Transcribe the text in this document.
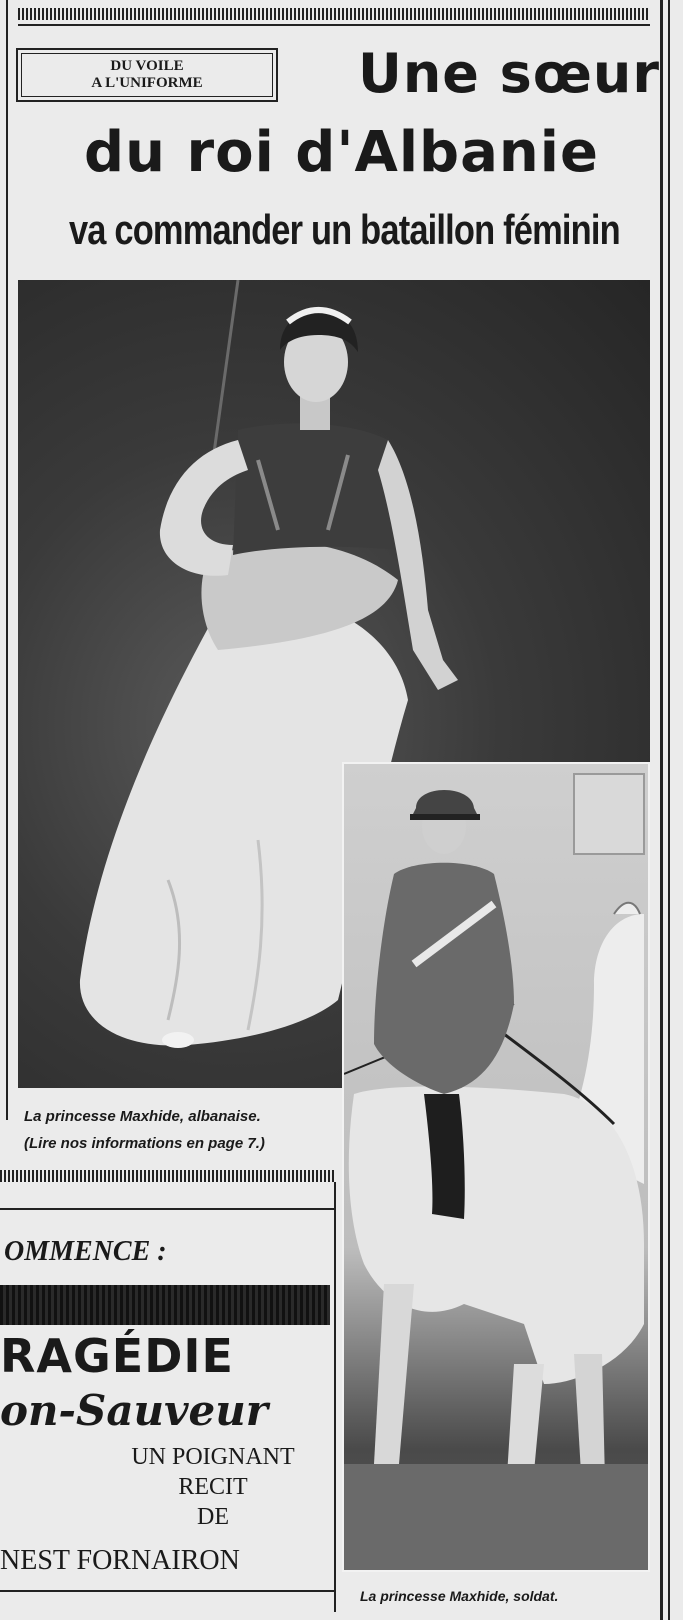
DU VOILE
A L'UNIFORME	Une sœur
du roi d'Albanie
va commander un bataillon féminin
La princesse Maxhide, albanaise.
(Lire nos informations en page 7.)
OMMENCE :
RAGÉDIE
on-Sauveur
UN POIGNANT
RECIT
DE
NEST FORNAIRON
La princesse Maxhide, soldat.
